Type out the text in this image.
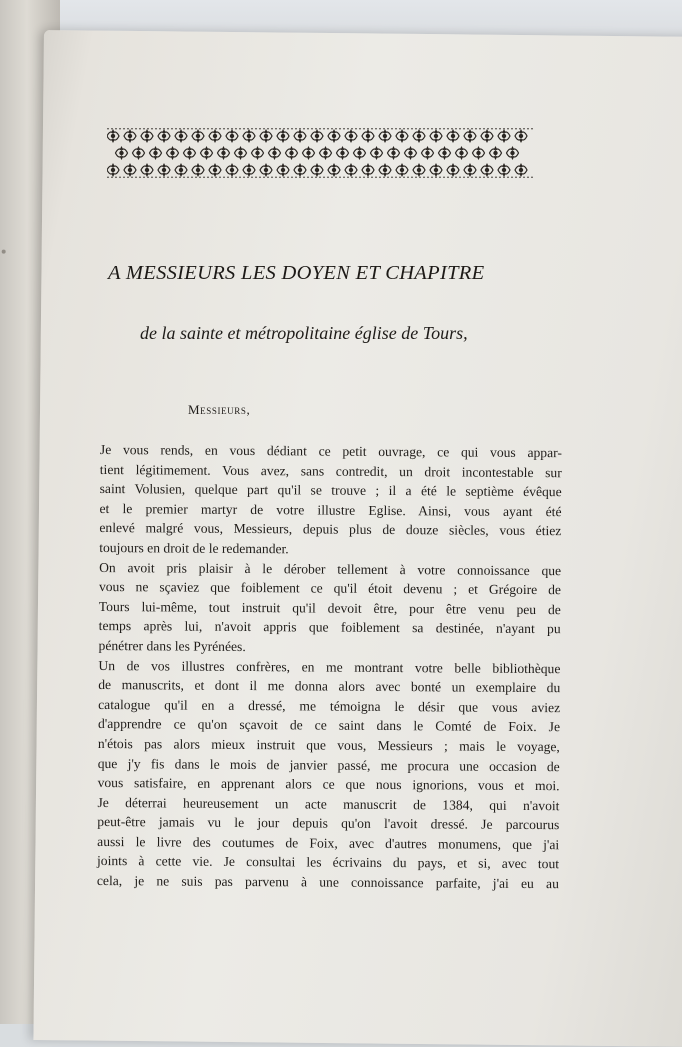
A MESSIEURS LES DOYEN ET CHAPITRE
de la sainte et métropolitaine église de Tours,
Messieurs,

Je vous rends, en vous dédiant ce petit ouvrage, ce qui vous appar-
tient légitimement. Vous avez, sans contredit, un droit incontestable sur
saint Volusien, quelque part qu'il se trouve ; il a été le septième évêque
et le premier martyr de votre illustre Eglise. Ainsi, vous ayant été
enlevé malgré vous, Messieurs, depuis plus de douze siècles, vous étiez
toujours en droit de le redemander.

On avoit pris plaisir à le dérober tellement à votre connoissance que
vous ne sçaviez que foiblement ce qu'il étoit devenu ; et Grégoire de
Tours lui-même, tout instruit qu'il devoit être, pour être venu peu de
temps après lui, n'avoit appris que foiblement sa destinée, n'ayant pu
pénétrer dans les Pyrénées.

Un de vos illustres confrères, en me montrant votre belle bibliothèque
de manuscrits, et dont il me donna alors avec bonté un exemplaire du
catalogue qu'il en a dressé, me témoigna le désir que vous aviez
d'apprendre ce qu'on sçavoit de ce saint dans le Comté de Foix. Je
n'étois pas alors mieux instruit que vous, Messieurs ; mais le voyage,
que j'y fis dans le mois de janvier passé, me procura une occasion de
vous satisfaire, en apprenant alors ce que nous ignorions, vous et moi.
Je déterrai heureusement un acte manuscrit de 1384, qui n'avoit
peut-être jamais vu le jour depuis qu'on l'avoit dressé. Je parcourus
aussi le livre des coutumes de Foix, avec d'autres monumens, que j'ai
joints à cette vie. Je consultai les écrivains du pays, et si, avec tout
cela, je ne suis pas parvenu à une connoissance parfaite, j'ai eu au
